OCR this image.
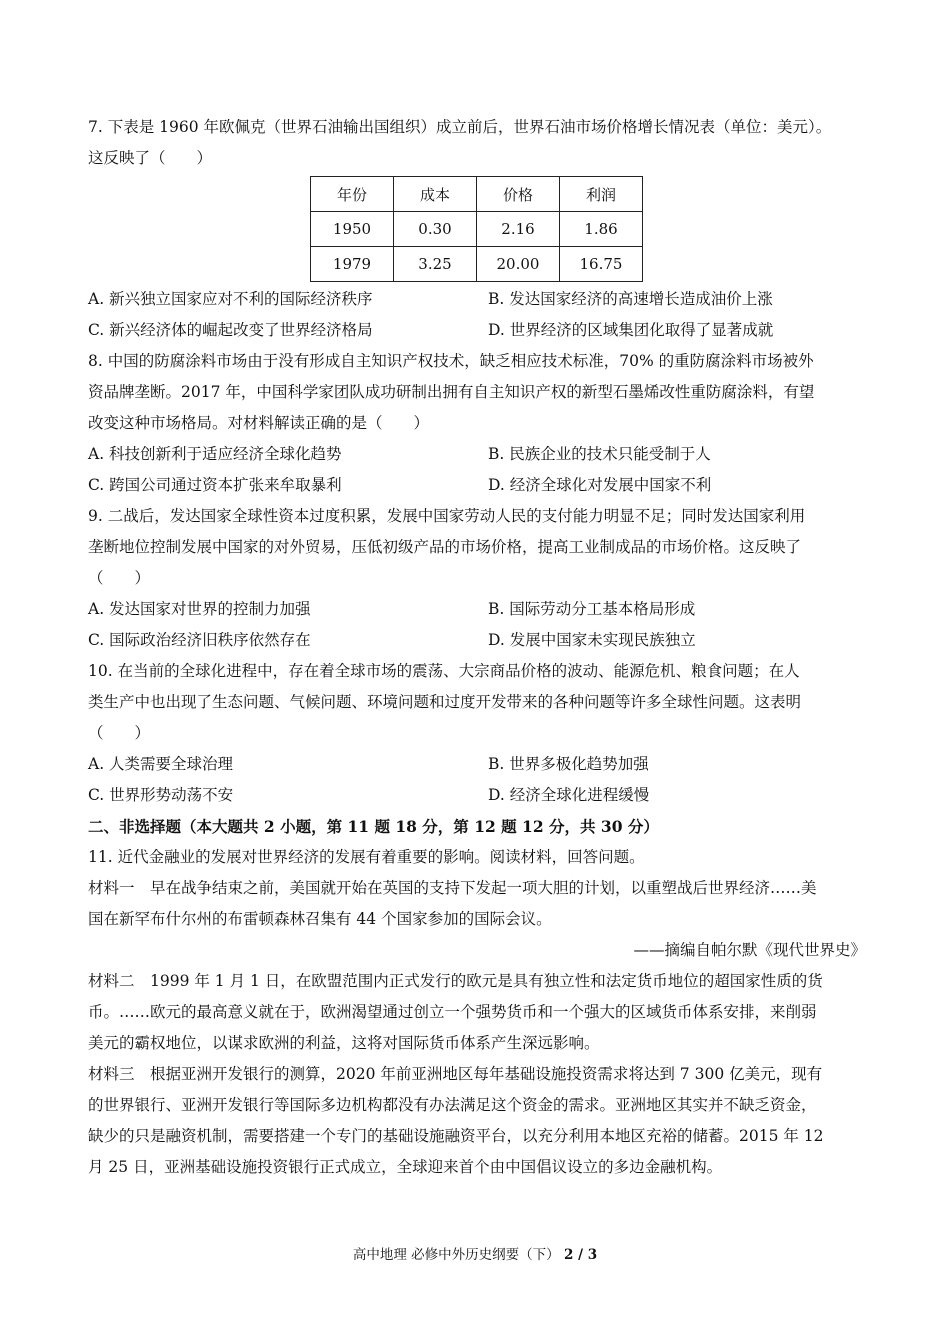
7. 下表是 1960 年欧佩克（世界石油输出国组织）成立前后，世界石油市场价格增长情况表（单位：美元）。
这反映了（　　）
年份	成本	价格	利润
1950	0.30	2.16	1.86
1979	3.25	20.00	16.75
A. 新兴独立国家应对不利的国际经济秩序	B. 发达国家经济的高速增长造成油价上涨
C. 新兴经济体的崛起改变了世界经济格局	D. 世界经济的区域集团化取得了显著成就
8. 中国的防腐涂料市场由于没有形成自主知识产权技术，缺乏相应技术标准，70% 的重防腐涂料市场被外
资品牌垄断。2017 年，中国科学家团队成功研制出拥有自主知识产权的新型石墨烯改性重防腐涂料，有望
改变这种市场格局。对材料解读正确的是（　　）
A. 科技创新利于适应经济全球化趋势	B. 民族企业的技术只能受制于人
C. 跨国公司通过资本扩张来牟取暴利	D. 经济全球化对发展中国家不利
9. 二战后，发达国家全球性资本过度积累，发展中国家劳动人民的支付能力明显不足；同时发达国家利用
垄断地位控制发展中国家的对外贸易，压低初级产品的市场价格，提高工业制成品的市场价格。这反映了
（　　）
A. 发达国家对世界的控制力加强	B. 国际劳动分工基本格局形成
C. 国际政治经济旧秩序依然存在	D. 发展中国家未实现民族独立
10. 在当前的全球化进程中，存在着全球市场的震荡、大宗商品价格的波动、能源危机、粮食问题；在人
类生产中也出现了生态问题、气候问题、环境问题和过度开发带来的各种问题等许多全球性问题。这表明
（　　）
A. 人类需要全球治理	B. 世界多极化趋势加强
C. 世界形势动荡不安	D. 经济全球化进程缓慢
二、非选择题（本大题共 2 小题，第 11 题 18 分，第 12 题 12 分，共 30 分）
11. 近代金融业的发展对世界经济的发展有着重要的影响。阅读材料，回答问题。
材料一　早在战争结束之前，美国就开始在英国的支持下发起一项大胆的计划，以重塑战后世界经济……美
国在新罕布什尔州的布雷顿森林召集有 44 个国家参加的国际会议。
——摘编自帕尔默《现代世界史》
材料二　1999 年 1 月 1 日，在欧盟范围内正式发行的欧元是具有独立性和法定货币地位的超国家性质的货
币。……欧元的最高意义就在于，欧洲渴望通过创立一个强势货币和一个强大的区域货币体系安排，来削弱
美元的霸权地位，以谋求欧洲的利益，这将对国际货币体系产生深远影响。
材料三　根据亚洲开发银行的测算，2020 年前亚洲地区每年基础设施投资需求将达到 7 300 亿美元，现有
的世界银行、亚洲开发银行等国际多边机构都没有办法满足这个资金的需求。亚洲地区其实并不缺乏资金，
缺少的只是融资机制，需要搭建一个专门的基础设施融资平台，以充分利用本地区充裕的储蓄。2015 年 12
月 25 日，亚洲基础设施投资银行正式成立，全球迎来首个由中国倡议设立的多边金融机构。
高中地理 必修中外历史纲要（下） 2 / 3
